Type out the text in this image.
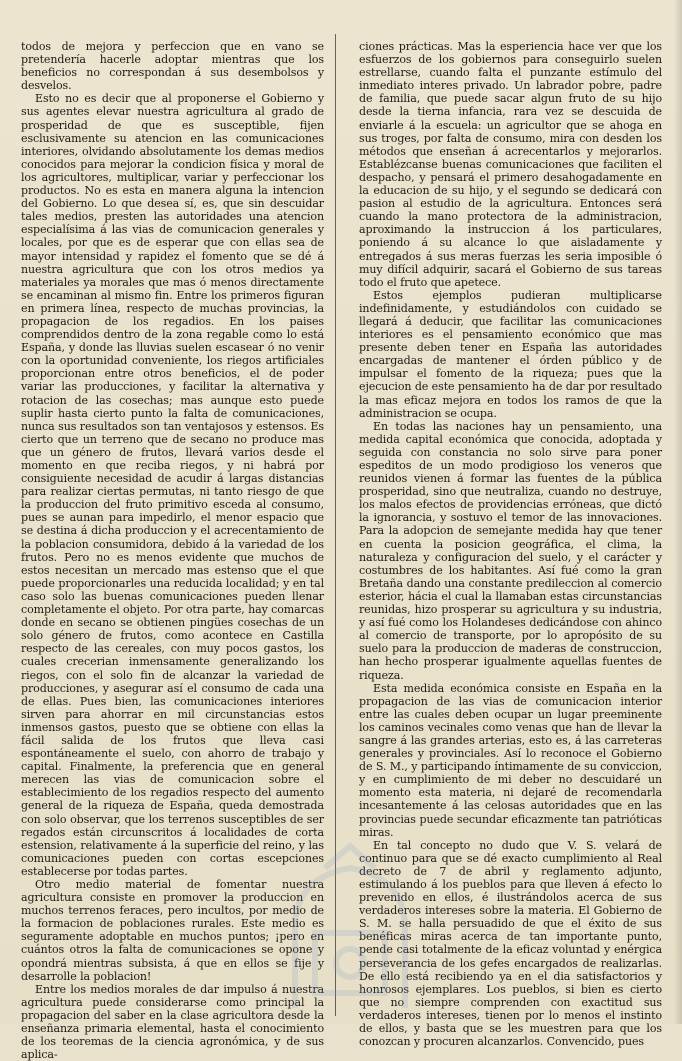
todos de mejora y perfeccion que en vano se pretendería hacerle adoptar mientras que los beneficios no correspondan á sus desembolsos y desvelos.

Esto no es decir que al proponerse el Gobierno y sus agentes elevar nuestra agricultura al grado de prosperidad de que es susceptible, fijen esclusivamente su atencion en las comunicaciones interiores, olvidando absolutamente los demas medios conocidos para mejorar la condicion física y moral de los agricultores, multiplicar, variar y perfeccionar los productos. No es esta en manera alguna la intencion del Gobierno. Lo que desea sí, es, que sin descuidar tales medios, presten las autoridades una atencion especialísima á las vias de comunicacion generales y locales, por que es de esperar que con ellas sea de mayor intensidad y rapidez el fomento que se dé á nuestra agricultura que con los otros medios ya materiales ya morales que mas ó menos directamente se encaminan al mismo fin. Entre los primeros figuran en primera línea, respecto de muchas provincias, la propagacion de los regadios. En los paises comprendidos dentro de la zona regable como lo está España, y donde las lluvias suelen escasear ó no venir con la oportunidad conveniente, los riegos artificiales proporcionan entre otros beneficios, el de poder variar las producciones, y facilitar la alternativa y rotacion de las cosechas; mas aunque esto puede suplir hasta cierto punto la falta de comunicaciones, nunca sus resultados son tan ventajosos y estensos. Es cierto que un terreno que de secano no produce mas que un género de frutos, llevará varios desde el momento en que reciba riegos, y ni habrá por consiguiente necesidad de acudir á largas distancias para realizar ciertas permutas, ni tanto riesgo de que la produccion del fruto primitivo esceda al consumo, pues se aunan para impedirlo, el menor espacio que se destina á dicha produccion y el acrecentamiento de la poblacion consumidora, debido á la variedad de los frutos. Pero no es menos evidente que muchos de estos necesitan un mercado mas estenso que el que puede proporcionarles una reducida localidad; y en tal caso solo las buenas comunicaciones pueden llenar completamente el objeto. Por otra parte, hay comarcas donde en secano se obtienen pingües cosechas de un solo género de frutos, como acontece en Castilla respecto de las cereales, con muy pocos gastos, los cuales crecerian inmensamente generalizando los riegos, con el solo fin de alcanzar la variedad de producciones, y asegurar así el consumo de cada una de ellas. Pues bien, las comunicaciones interiores sirven para ahorrar en mil circunstancias estos inmensos gastos, puesto que se obtiene con ellas la fácil salida de los frutos que lleva casi espontáneamente el suelo, con ahorro de trabajo y capital. Finalmente, la preferencia que en general merecen las vias de comunicacion sobre el establecimiento de los regadios respecto del aumento general de la riqueza de España, queda demostrada con solo observar, que los terrenos susceptibles de ser regados están circunscritos á localidades de corta estension, relativamente á la superficie del reino, y las comunicaciones pueden con cortas escepciones establecerse por todas partes.

Otro medio material de fomentar nuestra agricultura consiste en promover la produccion en muchos terrenos feraces, pero incultos, por medio de la formacion de poblaciones rurales. Este medio es seguramente adoptable en muchos puntos; ¡pero en cuántos otros la falta de comunicaciones se opone y opondrá mientras subsista, á que en ellos se fije y desarrolle la poblacion!

Entre los medios morales de dar impulso á nuestra agricultura puede considerarse como principal la propagacion del saber en la clase agricultora desde la enseñanza primaria elemental, hasta el conocimiento de los teoremas de la ciencia agronómica, y de sus aplica-

ciones prácticas. Mas la esperiencia hace ver que los esfuerzos de los gobiernos para conseguirlo suelen estrellarse, cuando falta el punzante estímulo del inmediato interes privado. Un labrador pobre, padre de familia, que puede sacar algun fruto de su hijo desde la tierna infancia, rara vez se descuida de enviarle á la escuela: un agricultor que se ahoga en sus troges, por falta de consumo, mira con desden los métodos que enseñan á acrecentarlos y mejorarlos. Establézcanse buenas comunicaciones que faciliten el despacho, y pensará el primero desahogadamente en la educacion de su hijo, y el segundo se dedicará con pasion al estudio de la agricultura. Entonces será cuando la mano protectora de la administracion, aproximando la instruccion á los particulares, poniendo á su alcance lo que aisladamente y entregados á sus meras fuerzas les seria imposible ó muy difícil adquirir, sacará el Gobierno de sus tareas todo el fruto que apetece.

Estos ejemplos pudieran multiplicarse indefinidamente, y estudiándolos con cuidado se llegará á deducir, que facilitar las comunicaciones interiores es el pensamiento económico que mas presente deben tener en España las autoridades encargadas de mantener el órden público y de impulsar el fomento de la riqueza; pues que la ejecucion de este pensamiento ha de dar por resultado la mas eficaz mejora en todos los ramos de que la administracion se ocupa.

En todas las naciones hay un pensamiento, una medida capital económica que conocida, adoptada y seguida con constancia no solo sirve para poner espeditos de un modo prodigioso los veneros que reunidos vienen á formar las fuentes de la pública prosperidad, sino que neutraliza, cuando no destruye, los malos efectos de providencias erróneas, que dictó la ignorancia, y sostuvo el temor de las innovaciones. Para la adopcion de semejante medida hay que tener en cuenta la posicion geográfica, el clima, la naturaleza y configuracion del suelo, y el carácter y costumbres de los habitantes. Así fué como la gran Bretaña dando una constante predileccion al comercio esterior, hácia el cual la llamaban estas circunstancias reunidas, hizo prosperar su agricultura y su industria, y así fué como los Holandeses dedicándose con ahinco al comercio de transporte, por lo apropósito de su suelo para la produccion de maderas de construccion, han hecho prosperar igualmente aquellas fuentes de riqueza.

Esta medida económica consiste en España en la propagacion de las vias de comunicacion interior entre las cuales deben ocupar un lugar preeminente los caminos vecinales como venas que han de llevar la sangre á las grandes arterias, esto es, á las carreteras generales y provinciales. Así lo reconoce el Gobierno de S. M., y participando íntimamente de su conviccion, y en cumplimiento de mi deber no descuidaré un momento esta materia, ni dejaré de recomendarla incesantemente á las celosas autoridades que en las provincias puede secundar eficazmente tan patrióticas miras.

En tal concepto no dudo que V. S. velará de continuo para que se dé exacto cumplimiento al Real decreto de 7 de abril y reglamento adjunto, estimulando á los pueblos para que lleven á efecto lo prevenido en ellos, é ilustrándolos acerca de sus verdaderos intereses sobre la materia. El Gobierno de S. M. se halla persuadido de que el éxito de sus benéficas miras acerca de tan importante punto, pende casi totalmente de la eficaz voluntad y enérgica perseverancia de los gefes encargados de realizarlas. De ello está recibiendo ya en el dia satisfactorios y honrosos ejemplares. Los pueblos, si bien es cierto que no siempre comprenden con exactitud sus verdaderos intereses, tienen por lo menos el instinto de ellos, y basta que se les muestren para que los conozcan y procuren alcanzarlos. Convencido, pues
